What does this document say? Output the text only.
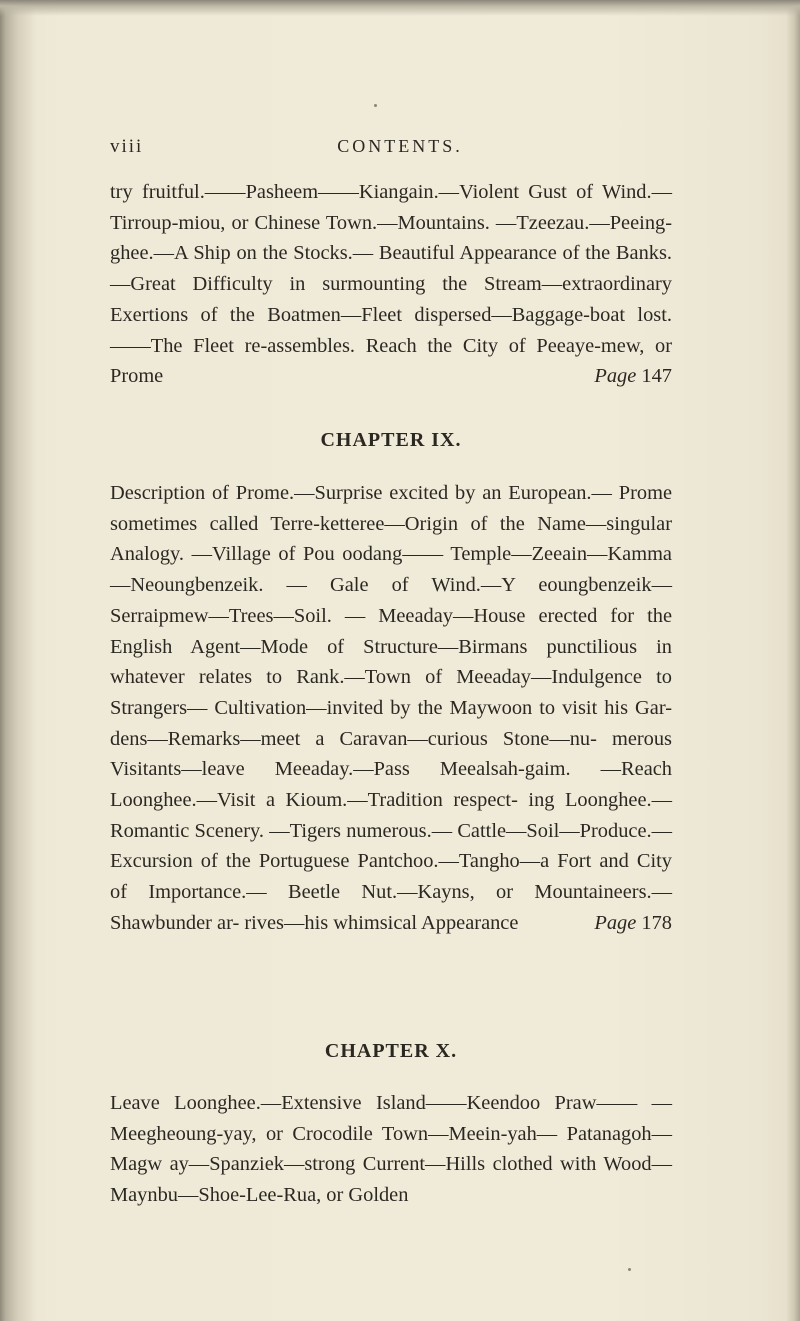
viii	CONTENTS.

try fruitful.——Pasheem——Kiangain.—Violent Gust of Wind.—Tirroup-miou, or Chinese Town.—Mountains. —Tzeezau.—Peeing-ghee.—A Ship on the Stocks.— Beautiful Appearance of the Banks.—Great Difficulty in surmounting the Stream—extraordinary Exertions of the Boatmen—Fleet dispersed—Baggage-boat lost.——The Fleet re-assembles. Reach the City of Peeaye-mew, or Prome	Page 147

CHAPTER IX.

Description of Prome.—Surprise excited by an European.— Prome sometimes called Terre-ketteree—Origin of the Name—singular Analogy. —Village of Pou oodang—— Temple—Zeeain—Kamma—Neoungbenzeik. — Gale of Wind.—Y eoungbenzeik— Serraipmew—Trees—Soil. — Meeaday—House erected for the English Agent—Mode of Structure—Birmans punctilious in whatever relates to Rank.—Town of Meeaday—Indulgence to Strangers— Cultivation—invited by the Maywoon to visit his Gar- dens—Remarks—meet a Caravan—curious Stone—nu- merous Visitants—leave Meeaday.—Pass Meealsah-gaim. —Reach Loonghee.—Visit a Kioum.—Tradition respect- ing Loonghee.—Romantic Scenery. —Tigers numerous.— Cattle—Soil—Produce.—Excursion of the Portuguese Pantchoo.—Tangho—a Fort and City of Importance.— Beetle Nut.—Kayns, or Mountaineers.—Shawbunder ar- rives—his whimsical Appearance	Page 178

CHAPTER X.

Leave Loonghee.—Extensive Island——Keendoo Praw—— —Meegheoung-yay, or Crocodile Town—Meein-yah— Patanagoh—Magw ay—Spanziek—strong Current—Hills clothed with Wood—Maynbu—Shoe-Lee-Rua, or Golden
